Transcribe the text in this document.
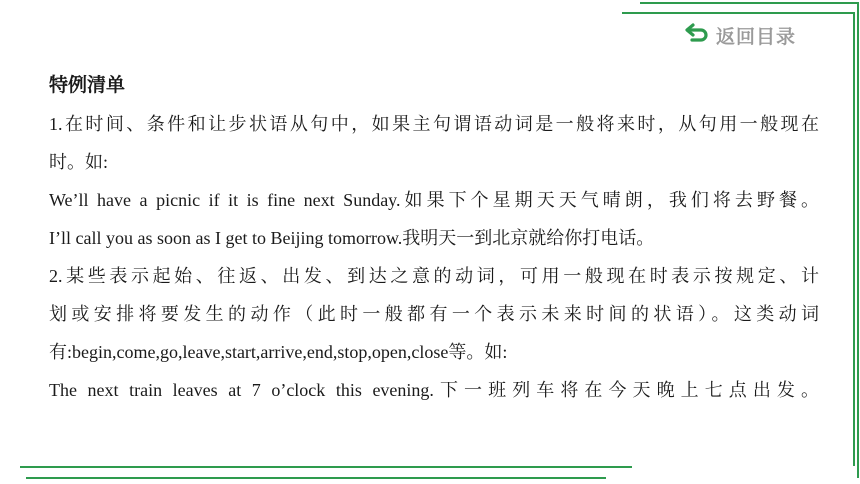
返回目录
特例清单

1.在时间、条件和让步状语从句中，如果主句谓语动词是一般将来时，从句用一般现在

时。如:

We’ll have a picnic if it is fine next Sunday.如果下个星期天天气晴朗，我们将去野餐。

I’ll call you as soon as I get to Beijing tomorrow.我明天一到北京就给你打电话。

2.某些表示起始、往返、出发、到达之意的动词，可用一般现在时表示按规定、计

划或安排将要发生的动作（此时一般都有一个表示未来时间的状语）。这类动词

有:begin,come,go,leave,start,arrive,end,stop,open,close等。如:

The next train leaves at 7 o’clock this evening.下一班列车将在今天晚上七点出发。
